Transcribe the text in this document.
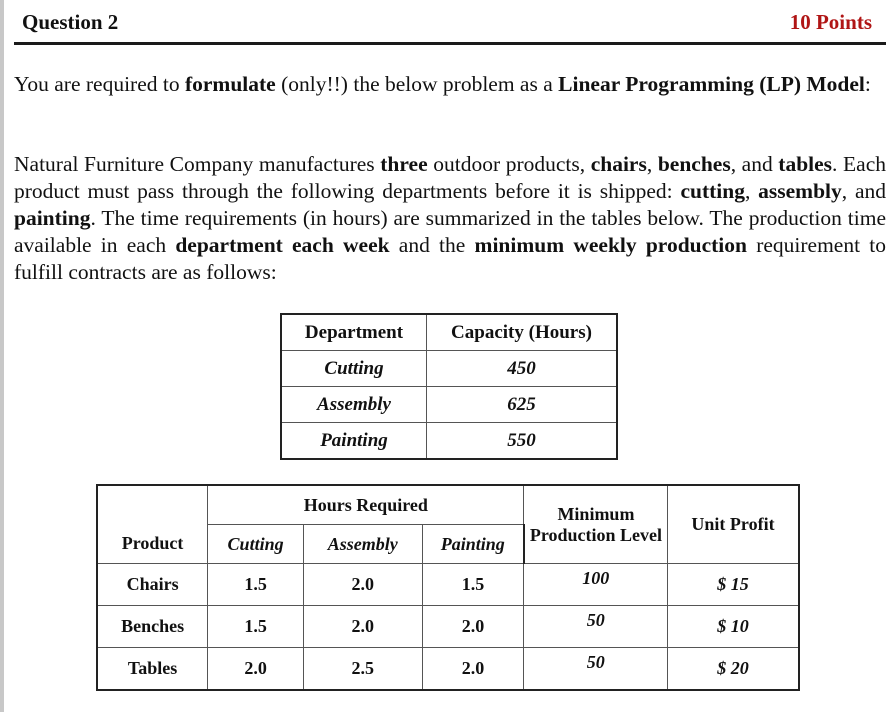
Question 2	10 Points
You are required to formulate (only!!) the below problem as a Linear Programming (LP) Model:
Natural Furniture Company manufactures three outdoor products, chairs, benches, and tables. Each product must pass through the following departments before it is shipped: cutting, assembly, and painting. The time requirements (in hours) are summarized in the tables below. The production time available in each department each week and the minimum weekly production requirement to fulfill contracts are as follows:
Department	Capacity (Hours)
Cutting	450
Assembly	625
Painting	550
	Hours Required			Minimum Production Level	Unit Profit
Product	Cutting	Assembly	Painting		
Chairs	1.5	2.0	1.5	100	$ 15
Benches	1.5	2.0	2.0	50	$ 10
Tables	2.0	2.5	2.0	50	$ 20
